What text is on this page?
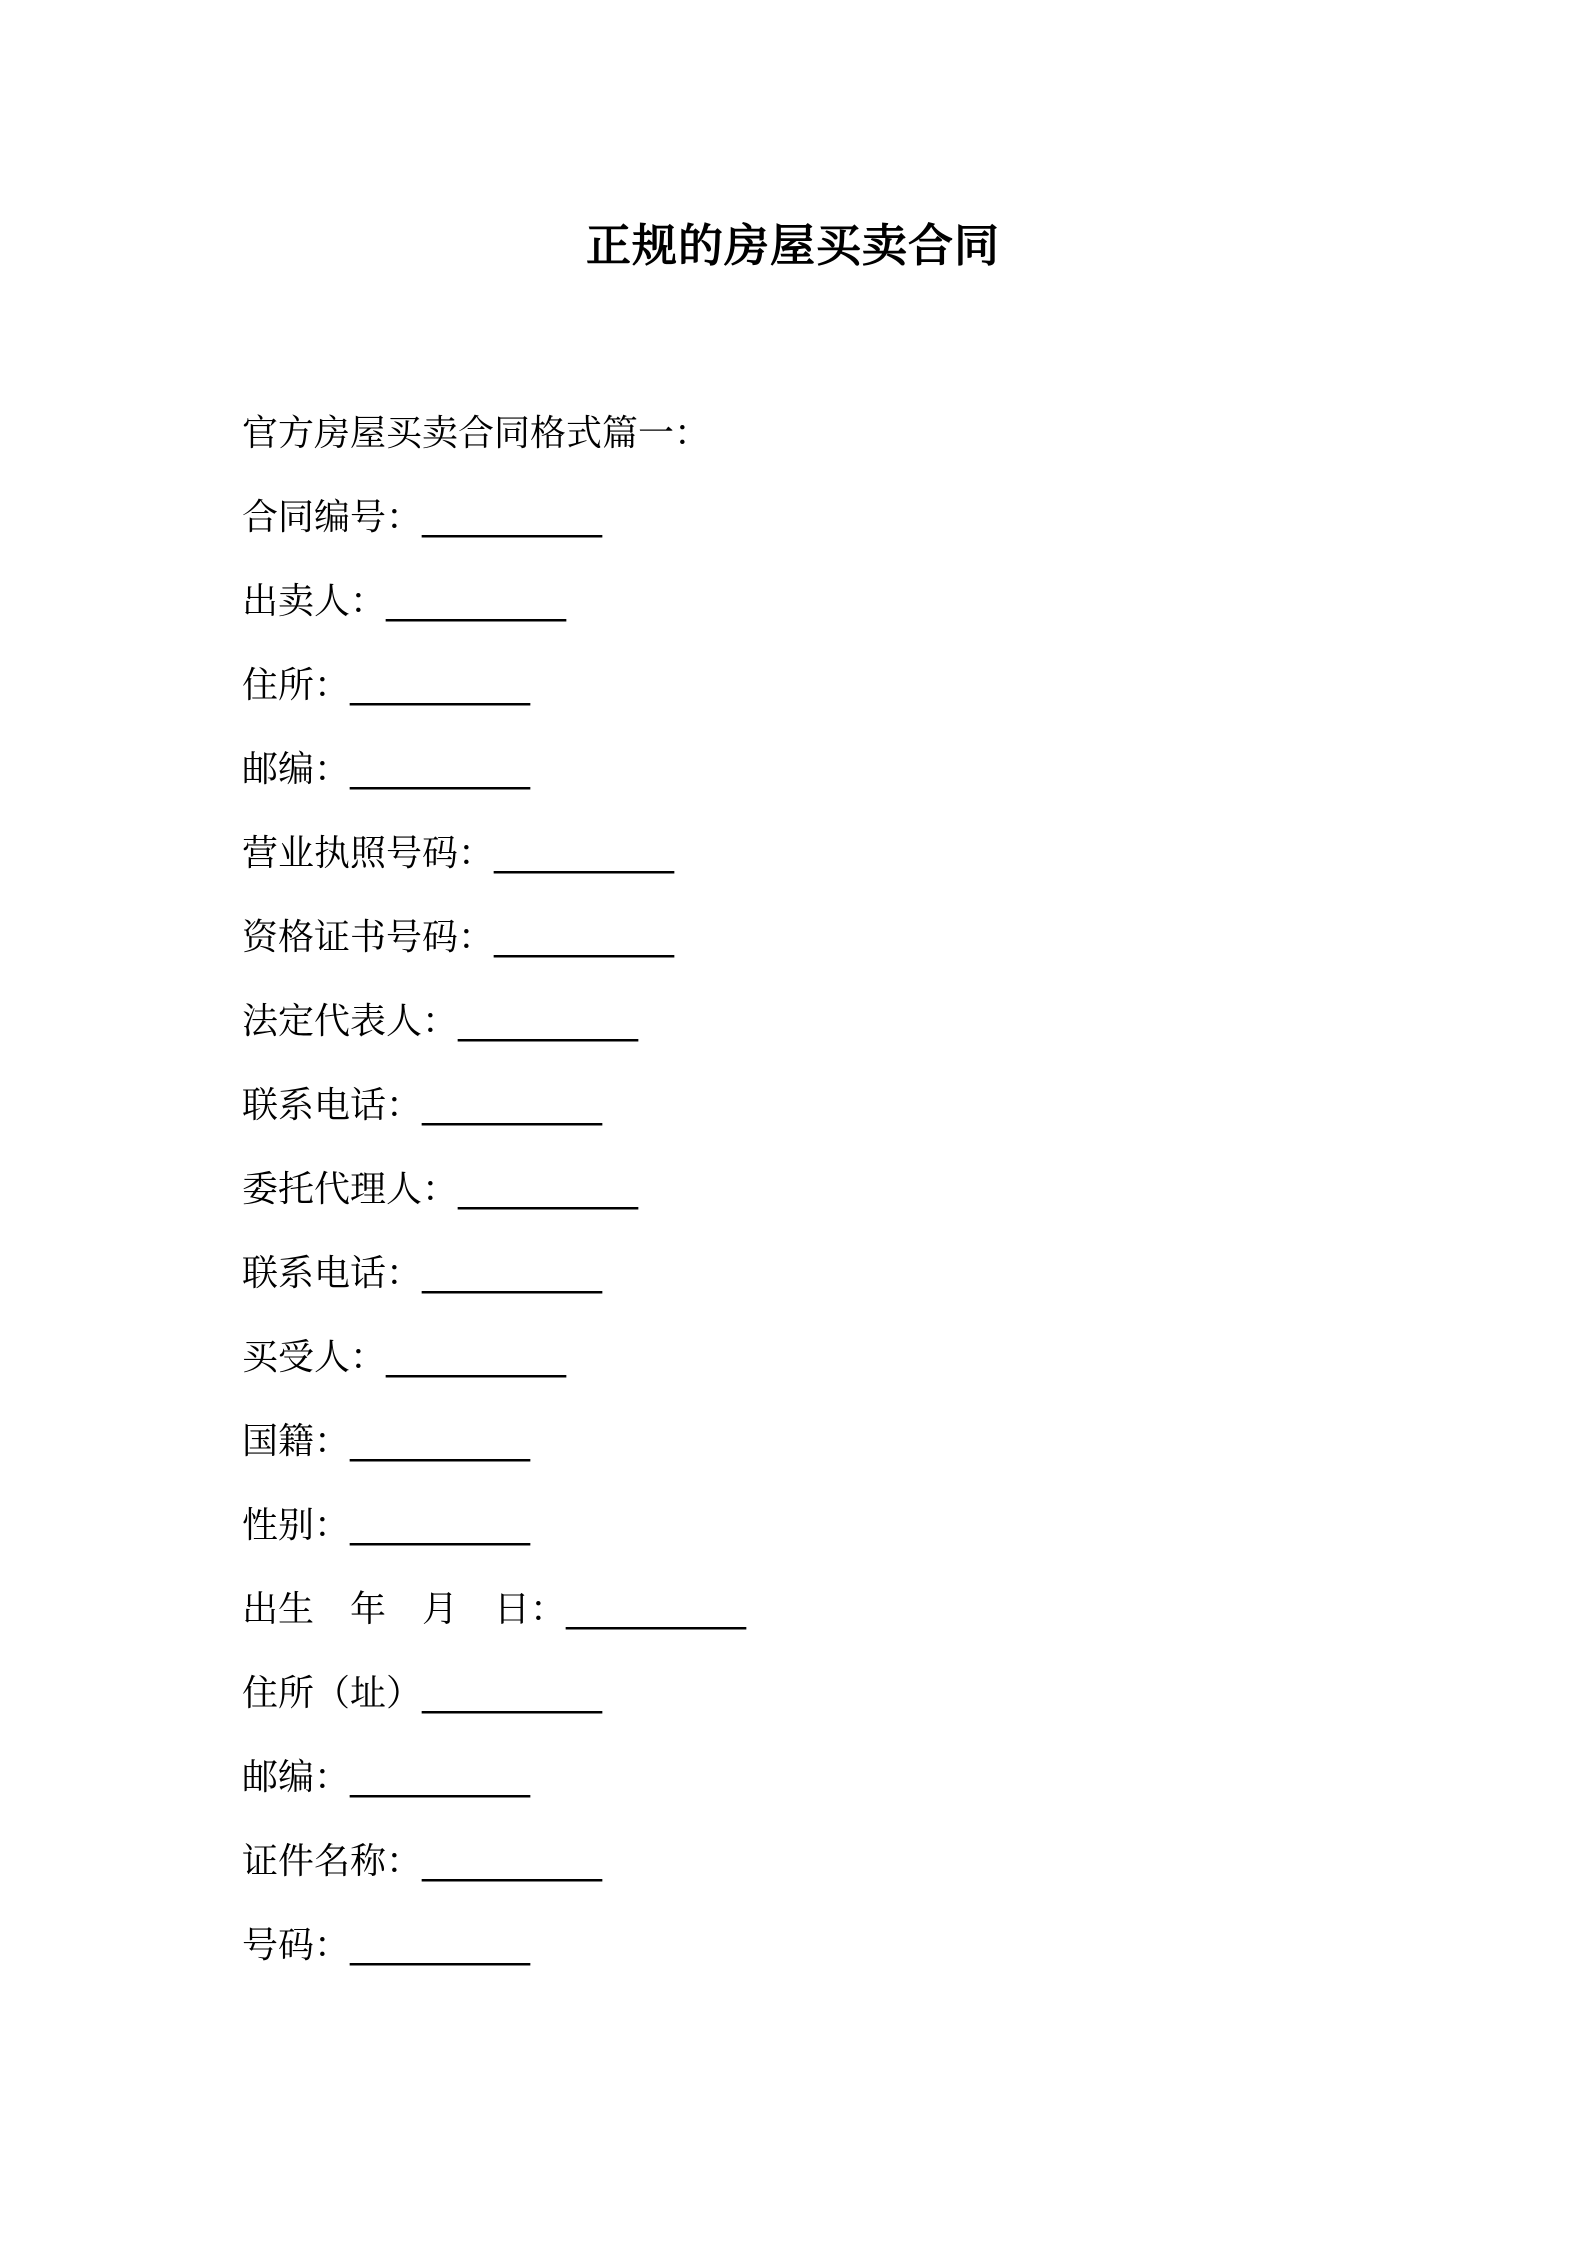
正规的房屋买卖合同
官方房屋买卖合同格式篇一：
合同编号：__________
出卖人：__________
住所：__________
邮编：__________
营业执照号码：__________
资格证书号码：__________
法定代表人：__________
联系电话：__________
委托代理人：__________
联系电话：__________
买受人：__________
国籍：__________
性别：__________
出生　年　月　日：__________
住所（址）__________
邮编：__________
证件名称：__________
号码：__________
